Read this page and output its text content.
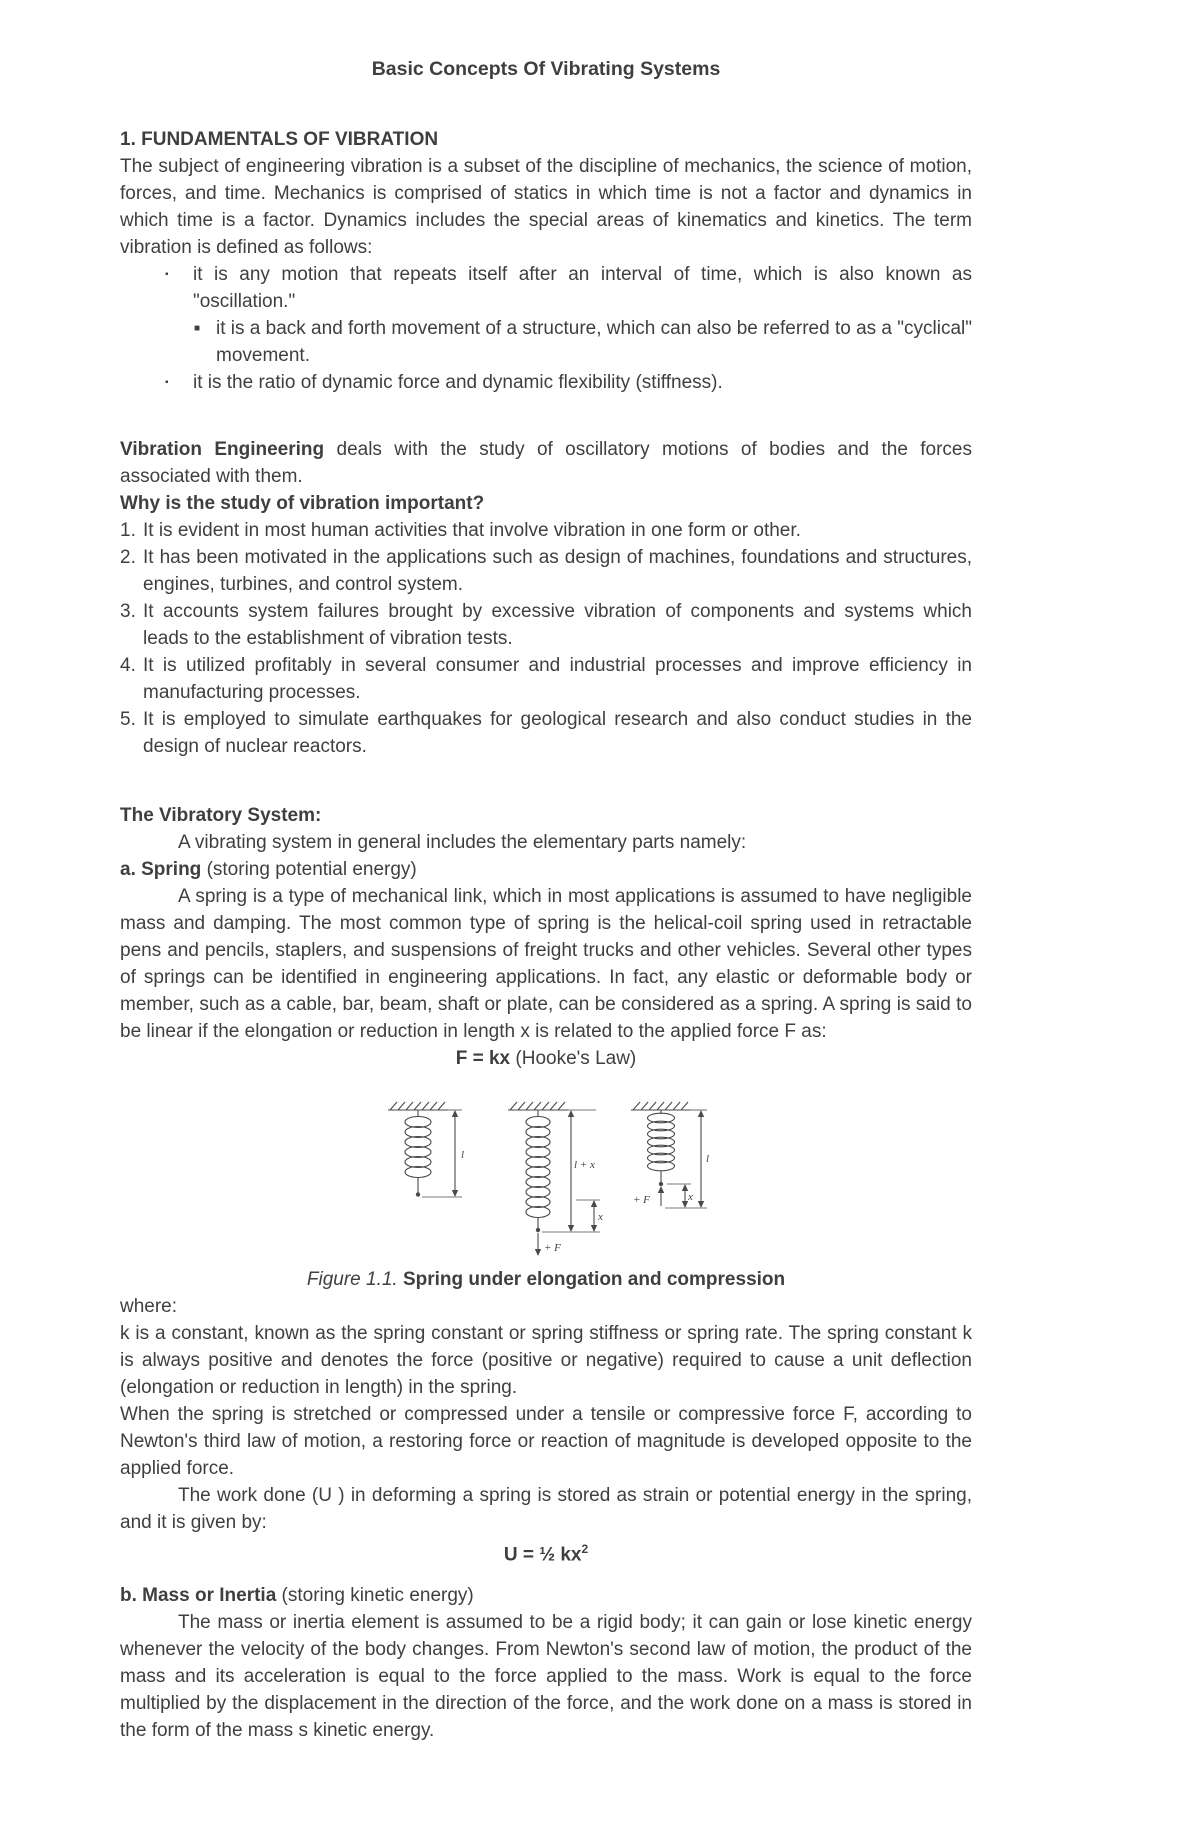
Basic Concepts Of Vibrating Systems

1. FUNDAMENTALS OF VIBRATION

The subject of engineering vibration is a subset of the discipline of mechanics, the science of motion, forces, and time. Mechanics is comprised of statics in which time is not a factor and dynamics in which time is a factor. Dynamics includes the special areas of kinematics and kinetics. The term vibration is defined as follows:

▪	it is any motion that repeats itself after an interval of time, which is also known as "oscillation."
■ it is a back and forth movement of a structure, which can also be referred to as a "cyclical" movement.
▪	it is the ratio of dynamic force and dynamic flexibility (stiffness).

Vibration Engineering deals with the study of oscillatory motions of bodies and the forces associated with them.

Why is the study of vibration important?

1. It is evident in most human activities that involve vibration in one form or other.
2. It has been motivated in the applications such as design of machines, foundations and structures, engines, turbines, and control system.
3. It accounts system failures brought by excessive vibration of components and systems which leads to the establishment of vibration tests.
4. It is utilized profitably in several consumer and industrial processes and improve efficiency in manufacturing processes.
5. It is employed to simulate earthquakes for geological research and also conduct studies in the design of nuclear reactors.

The Vibratory System:

A vibrating system in general includes the elementary parts namely:

a. Spring (storing potential energy)

A spring is a type of mechanical link, which in most applications is assumed to have negligible mass and damping. The most common type of spring is the helical-coil spring used in retractable pens and pencils, staplers, and suspensions of freight trucks and other vehicles. Several other types of springs can be identified in engineering applications. In fact, any elastic or deformable body or member, such as a cable, bar, beam, shaft or plate, can be considered as a spring. A spring is said to be linear if the elongation or reduction in length x is related to the applied force F as:

F = kx (Hooke's Law)

l
+ F
l + x
x
+ F
l
x

Figure 1.1. Spring under elongation and compression

where:

k is a constant, known as the spring constant or spring stiffness or spring rate. The spring constant k is always positive and denotes the force (positive or negative) required to cause a unit deflection (elongation or reduction in length) in the spring.

When the spring is stretched or compressed under a tensile or compressive force F, according to Newton's third law of motion, a restoring force or reaction of magnitude is developed opposite to the applied force.

The work done (U ) in deforming a spring is stored as strain or potential energy in the spring, and it is given by:

U = ½ $kx^2$

b. Mass or Inertia (storing kinetic energy)

The mass or inertia element is assumed to be a rigid body; it can gain or lose kinetic energy whenever the velocity of the body changes. From Newton's second law of motion, the product of the mass and its acceleration is equal to the force applied to the mass. Work is equal to the force multiplied by the displacement in the direction of the force, and the work done on a mass is stored in the form of the mass s kinetic energy.
